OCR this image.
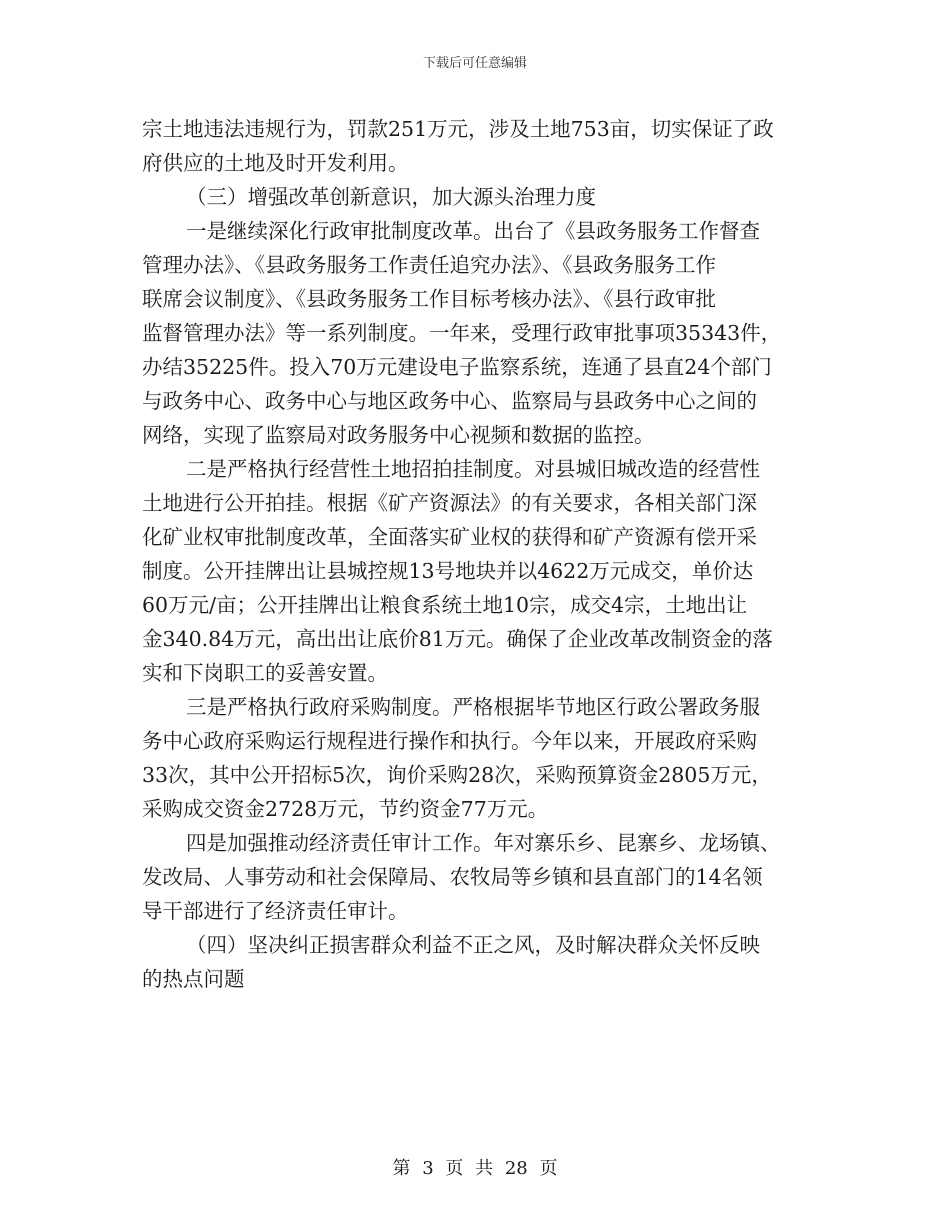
下载后可任意编辑
宗土地违法违规行为，罚款251万元，涉及土地753亩，切实保证了政
府供应的土地及时开发利用。
（三）增强改革创新意识，加大源头治理力度
一是继续深化行政审批制度改革。出台了《县政务服务工作督查
管理办法》、《县政务服务工作责任追究办法》、《县政务服务工作
联席会议制度》、《县政务服务工作目标考核办法》、《县行政审批
监督管理办法》等一系列制度。一年来，受理行政审批事项35343件，
办结35225件。投入70万元建设电子监察系统，连通了县直24个部门
与政务中心、政务中心与地区政务中心、监察局与县政务中心之间的
网络，实现了监察局对政务服务中心视频和数据的监控。
二是严格执行经营性土地招拍挂制度。对县城旧城改造的经营性
土地进行公开拍挂。根据《矿产资源法》的有关要求，各相关部门深
化矿业权审批制度改革，全面落实矿业权的获得和矿产资源有偿开采
制度。公开挂牌出让县城控规13号地块并以4622万元成交，单价达
60万元/亩；公开挂牌出让粮食系统土地10宗，成交4宗，土地出让
金340.84万元，高出出让底价81万元。确保了企业改革改制资金的落
实和下岗职工的妥善安置。
三是严格执行政府采购制度。严格根据毕节地区行政公署政务服
务中心政府采购运行规程进行操作和执行。今年以来，开展政府采购
33次，其中公开招标5次，询价采购28次，采购预算资金2805万元，
采购成交资金2728万元，节约资金77万元。
四是加强推动经济责任审计工作。年对寨乐乡、昆寨乡、龙场镇、
发改局、人事劳动和社会保障局、农牧局等乡镇和县直部门的14名领
导干部进行了经济责任审计。
（四）坚决纠正损害群众利益不正之风，及时解决群众关怀反映
的热点问题
第 3 页 共 28 页
